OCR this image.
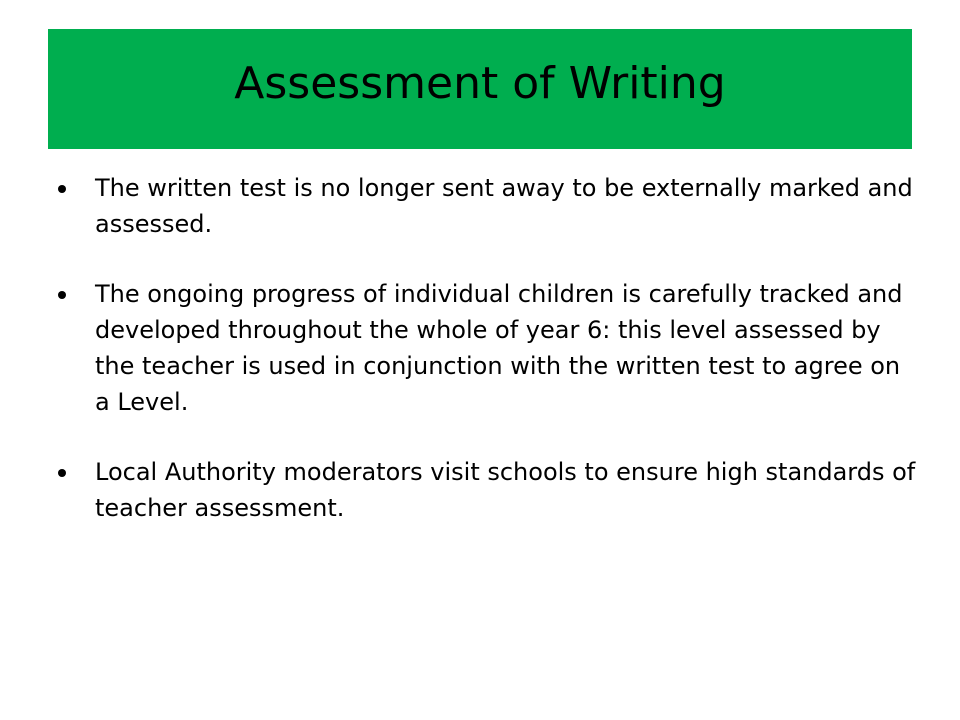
Assessment of Writing
The written test is no longer sent away to be externally marked and assessed.
The ongoing progress of individual children is carefully tracked and developed throughout the whole of year 6: this level assessed by the teacher is used in conjunction with the written test to agree on a Level.
Local Authority moderators visit schools to ensure high standards of teacher assessment.
